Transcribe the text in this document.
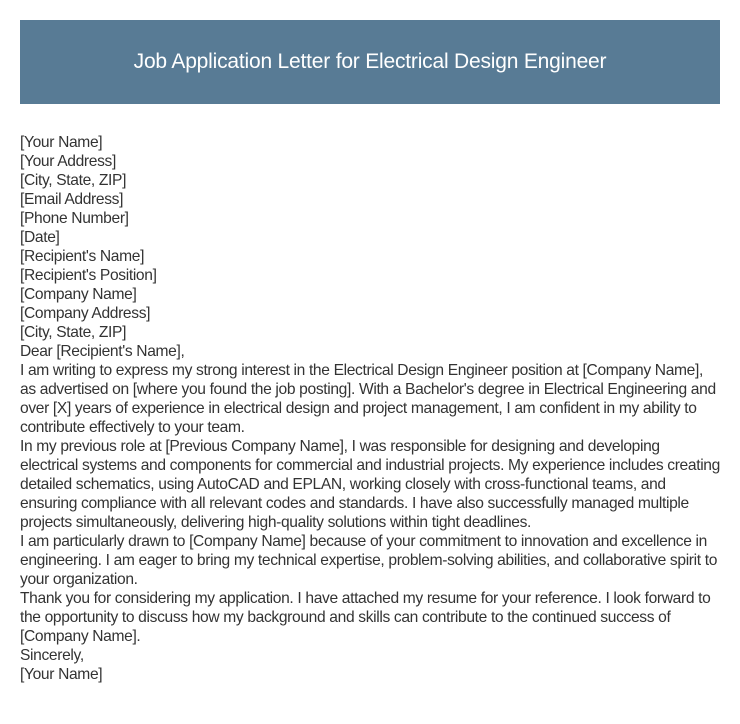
Job Application Letter for Electrical Design Engineer

[Your Name]

[Your Address]

[City, State, ZIP]

[Email Address]

[Phone Number]

[Date]

[Recipient's Name]

[Recipient's Position]

[Company Name]

[Company Address]

[City, State, ZIP]

Dear [Recipient's Name],

I am writing to express my strong interest in the Electrical Design Engineer position at [Company Name], as advertised on [where you found the job posting]. With a Bachelor's degree in Electrical Engineering and over [X] years of experience in electrical design and project management, I am confident in my ability to contribute effectively to your team.

In my previous role at [Previous Company Name], I was responsible for designing and developing electrical systems and components for commercial and industrial projects. My experience includes creating detailed schematics, using AutoCAD and EPLAN, working closely with cross-functional teams, and ensuring compliance with all relevant codes and standards. I have also successfully managed multiple projects simultaneously, delivering high-quality solutions within tight deadlines.

I am particularly drawn to [Company Name] because of your commitment to innovation and excellence in engineering. I am eager to bring my technical expertise, problem-solving abilities, and collaborative spirit to your organization.

Thank you for considering my application. I have attached my resume for your reference. I look forward to the opportunity to discuss how my background and skills can contribute to the continued success of [Company Name].

Sincerely,

[Your Name]
